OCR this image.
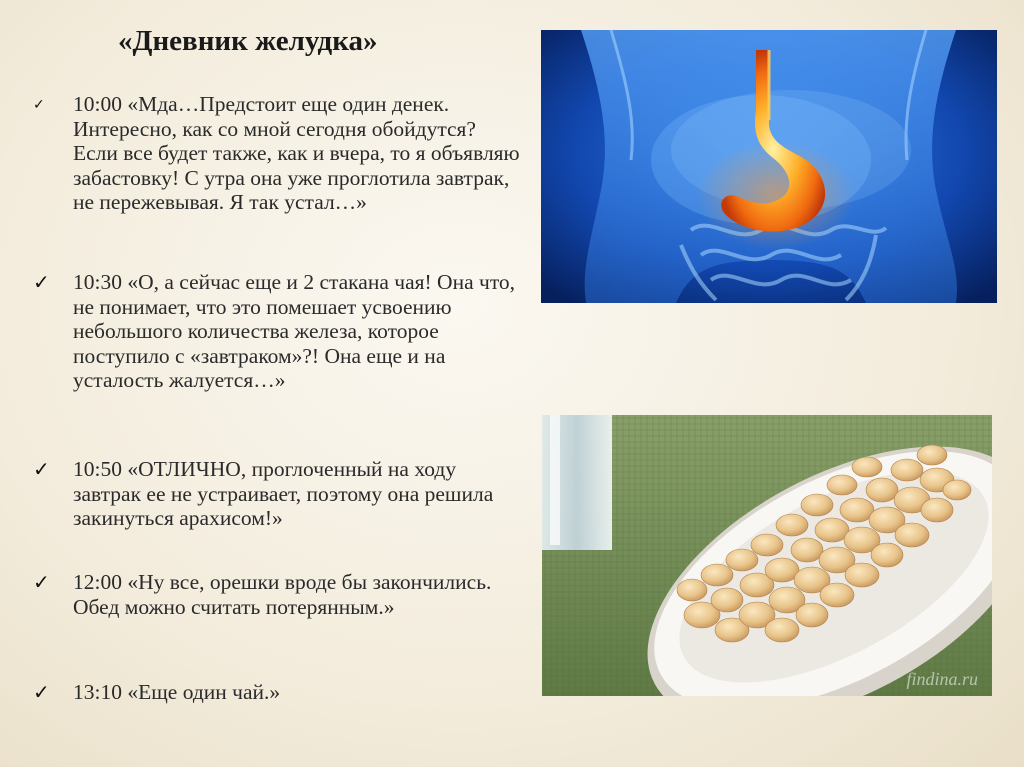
«Дневник желудка»
✓	10:00 «Мда…Предстоит еще один денек. Интересно, как со мной сегодня обойдутся? Если все будет также, как и вчера, то я объявляю забастовку! С утра она уже проглотила завтрак, не пережевывая. Я так устал…»
✓	10:30 «О, а сейчас еще и 2 стакана чая! Она что, не понимает, что это помешает усвоению небольшого количества железа, которое поступило с «завтраком»?! Она еще и на усталость жалуется…»
✓	10:50 «ОТЛИЧНО, проглоченный на ходу завтрак ее не устраивает, поэтому она решила закинуться арахисом!»
✓	12:00 «Ну все, орешки вроде бы закончились. Обед можно считать потерянным.»
✓	13:10 «Еще один чай.»
findina.ru
